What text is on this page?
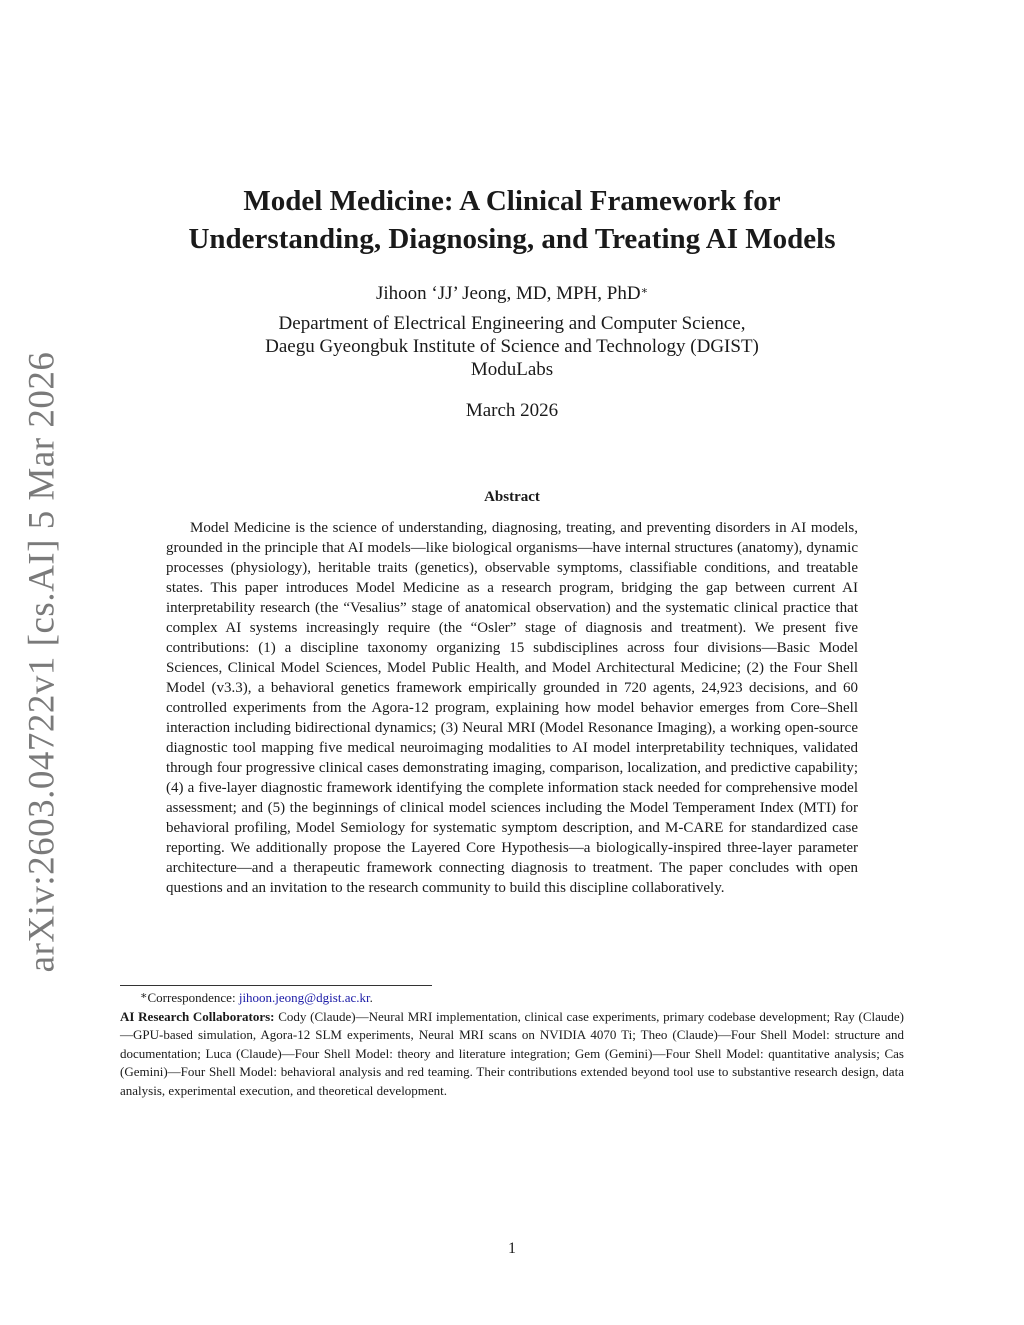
arXiv:2603.04722v1 [cs.AI] 5 Mar 2026
Model Medicine: A Clinical Framework for
Understanding, Diagnosing, and Treating AI Models
Jihoon ‘JJ’ Jeong, MD, MPH, PhD∗
Department of Electrical Engineering and Computer Science,
Daegu Gyeongbuk Institute of Science and Technology (DGIST)
ModuLabs
March 2026
Abstract

Model Medicine is the science of understanding, diagnosing, treating, and preventing disorders in AI models, grounded in the principle that AI models—like biological organisms—have internal structures (anatomy), dynamic processes (physiology), heritable traits (genetics), observable symptoms, classifiable conditions, and treatable states. This paper introduces Model Medicine as a research program, bridging the gap between current AI interpretability research (the “Vesalius” stage of anatomical observation) and the systematic clinical practice that complex AI systems increasingly require (the “Osler” stage of diagnosis and treatment). We present five contributions: (1) a discipline taxonomy organizing 15 subdisciplines across four divisions—Basic Model Sciences, Clinical Model Sciences, Model Public Health, and Model Architectural Medicine; (2) the Four Shell Model (v3.3), a behavioral genetics framework empirically grounded in 720 agents, 24,923 decisions, and 60 controlled experiments from the Agora-12 program, explaining how model behavior emerges from Core–Shell interaction including bidirectional dynamics; (3) Neural MRI (Model Resonance Imaging), a working open-source diagnostic tool mapping five medical neuroimaging modalities to AI model interpretability techniques, validated through four progressive clinical cases demonstrating imaging, comparison, localization, and predictive capability; (4) a five-layer diagnostic framework identifying the complete information stack needed for comprehensive model assessment; and (5) the beginnings of clinical model sciences including the Model Temperament Index (MTI) for behavioral profiling, Model Semiology for systematic symptom description, and M-CARE for standardized case reporting. We additionally propose the Layered Core Hypothesis—a biologically-inspired three-layer parameter architecture—and a therapeutic framework connecting diagnosis to treatment. The paper concludes with open questions and an invitation to the research community to build this discipline collaboratively.

∗Correspondence: jihoon.jeong@dgist.ac.kr.

AI Research Collaborators: Cody (Claude)—Neural MRI implementation, clinical case experiments, primary codebase development; Ray (Claude)—GPU-based simulation, Agora-12 SLM experiments, Neural MRI scans on NVIDIA 4070 Ti; Theo (Claude)—Four Shell Model: structure and documentation; Luca (Claude)—Four Shell Model: theory and literature integration; Gem (Gemini)—Four Shell Model: quantitative analysis; Cas (Gemini)—Four Shell Model: behavioral analysis and red teaming. Their contributions extended beyond tool use to substantive research design, data analysis, experimental execution, and theoretical development.

1
